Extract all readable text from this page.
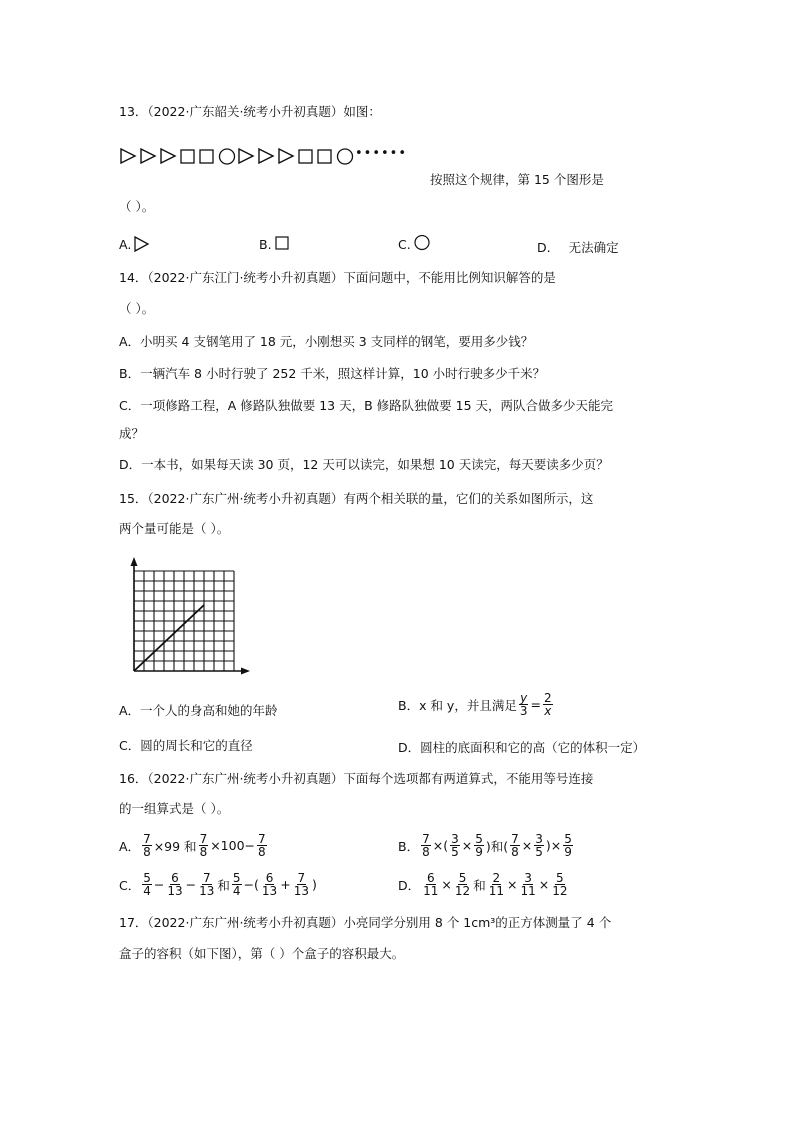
13．（2022·广东韶关·统考小升初真题）如图：
••••••
按照这个规律，第 15 个图形是
（ ）。
A.	B.	C.	D. 无法确定
14．（2022·广东江门·统考小升初真题）下面问题中，不能用比例知识解答的是
（ ）。
A．小明买 4 支钢笔用了 18 元，小刚想买 3 支同样的钢笔，要用多少钱？
B．一辆汽车 8 小时行驶了 252 千米，照这样计算，10 小时行驶多少千米？
C．一项修路工程，A 修路队独做要 13 天，B 修路队独做要 15 天，两队合做多少天能完
成？
D．一本书，如果每天读 30 页，12 天可以读完，如果想 10 天读完，每天要读多少页？
15．（2022·广东广州·统考小升初真题）有两个相关联的量，它们的关系如图所示，这
两个量可能是（ ）。
A．一个人的身高和她的年龄	B．x 和 y，并且满足 $\frac{y}{3} = \frac{2}{x}$
C．圆的周长和它的直径	D．圆柱的底面积和它的高（它的体积一定）
16．（2022·广东广州·统考小升初真题）下面每个选项都有两道算式，不能用等号连接
的一组算式是（ ）。
A． $\frac{7}{8} \times 99$ 和 $\frac{7}{8} \times 100- \frac{7}{8}$	B． $\frac{7}{8}$ ×( $\frac{3}{5} \times \frac{5}{9}$ )和( $\frac{7}{8} \times \frac{3}{5}$ )× $\frac{5}{9}$
C． $\frac{5}{4} - \frac{6}{13} - \frac{7}{13}$ 和 $\frac{5}{4}$ −( $\frac{6}{13} + \frac{7}{13}$ )	D． $\frac{6}{11} \times \frac{5}{12}$ 和 $\frac{2}{11} \times \frac{3}{11} \times \frac{5}{12}$
17．（2022·广东广州·统考小升初真题）小亮同学分别用 8 个 1cm³的正方体测量了 4 个
盒子的容积（如下图），第（ ）个盒子的容积最大。
